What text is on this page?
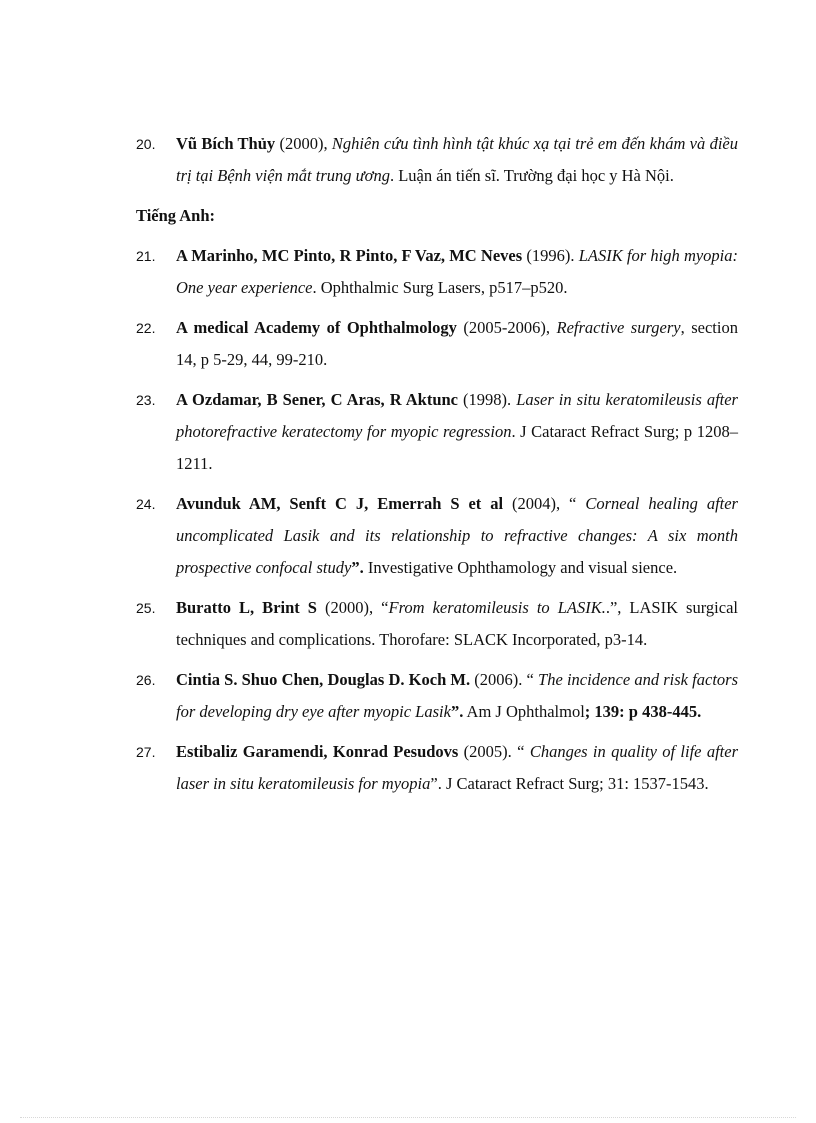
20. Vũ Bích Thủy (2000), Nghiên cứu tình hình tật khúc xạ tại trẻ em đến khám và điều trị tại Bệnh viện mắt trung ương. Luận án tiến sĩ. Trường đại học y Hà Nội.
Tiếng Anh:
21. A Marinho, MC Pinto, R Pinto, F Vaz, MC Neves (1996). LASIK for high myopia: One year experience. Ophthalmic Surg Lasers, p517–p520.
22. A medical Academy of Ophthalmology (2005-2006), Refractive surgery, section 14, p 5-29, 44, 99-210.
23. A Ozdamar, B Sener, C Aras, R Aktunc (1998). Laser in situ keratomileusis after photorefractive keratectomy for myopic regression. J Cataract Refract Surg; p 1208–1211.
24. Avunduk AM, Senft C J, Emerrah S et al (2004), “ Corneal healing after uncomplicated Lasik and its relationship to refractive changes: A six month prospective confocal study”. Investigative Ophthamology and visual sience.
25. Buratto L, Brint S (2000), “From keratomileusis to LASIK..”, LASIK surgical techniques and complications. Thorofare: SLACK Incorporated, p3-14.
26. Cintia S. Shuo Chen, Douglas D. Koch M. (2006). “ The incidence and risk factors for developing dry eye after myopic Lasik”. Am J Ophthalmol; 139: p 438-445.
27. Estibaliz Garamendi, Konrad Pesudovs (2005). “ Changes in quality of life after laser in situ keratomileusis for myopia”. J Cataract Refract Surg; 31: 1537-1543.
